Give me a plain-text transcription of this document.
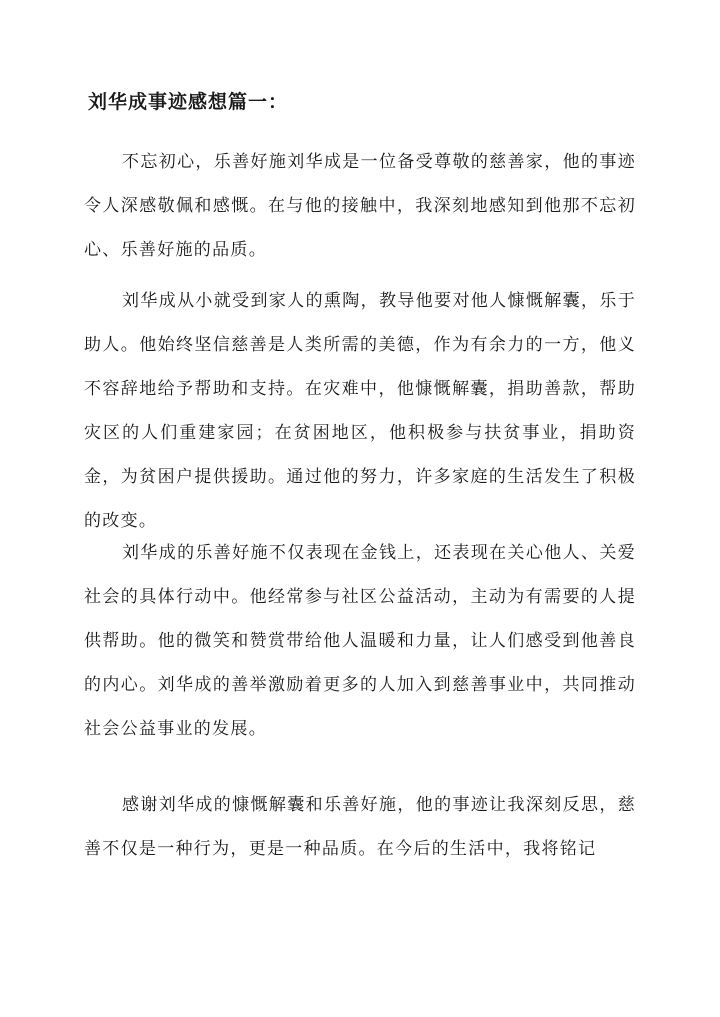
刘华成事迹感想篇一：

不忘初心，乐善好施刘华成是一位备受尊敬的慈善家，他的事迹令人深感敬佩和感慨。在与他的接触中，我深刻地感知到他那不忘初心、乐善好施的品质。

刘华成从小就受到家人的熏陶，教导他要对他人慷慨解囊，乐于助人。他始终坚信慈善是人类所需的美德，作为有余力的一方，他义不容辞地给予帮助和支持。在灾难中，他慷慨解囊，捐助善款，帮助灾区的人们重建家园；在贫困地区，他积极参与扶贫事业，捐助资金，为贫困户提供援助。通过他的努力，许多家庭的生活发生了积极的改变。

刘华成的乐善好施不仅表现在金钱上，还表现在关心他人、关爱社会的具体行动中。他经常参与社区公益活动，主动为有需要的人提供帮助。他的微笑和赞赏带给他人温暖和力量，让人们感受到他善良的内心。刘华成的善举激励着更多的人加入到慈善事业中，共同推动社会公益事业的发展。

感谢刘华成的慷慨解囊和乐善好施，他的事迹让我深刻反思，慈善不仅是一种行为，更是一种品质。在今后的生活中，我将铭记
